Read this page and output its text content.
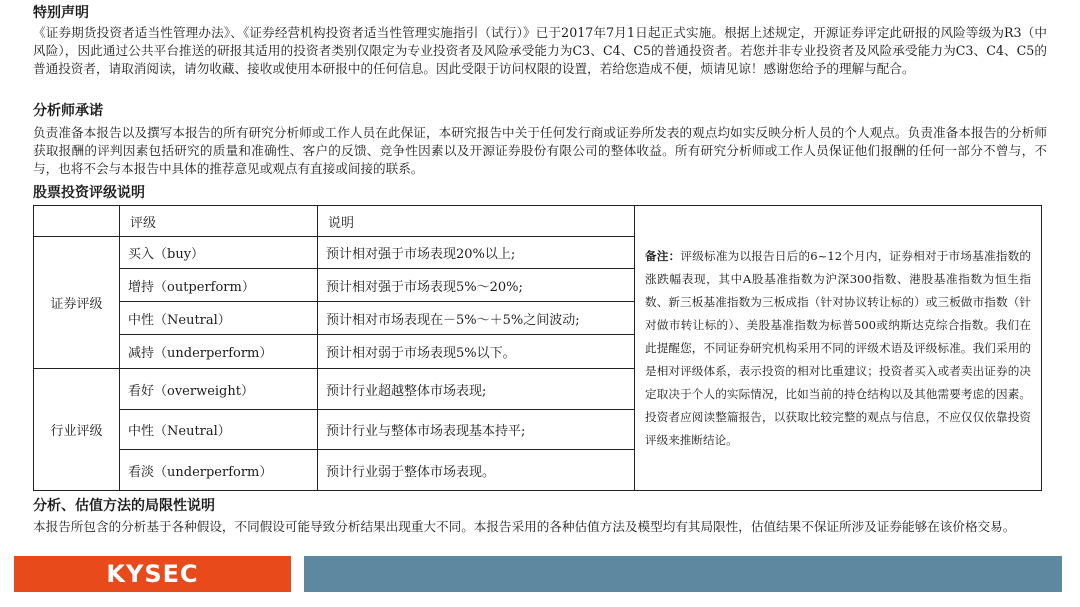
特别声明

《证券期货投资者适当性管理办法》、《证券经营机构投资者适当性管理实施指引（试行）》已于2017年7月1日起正式实施。根据上述规定，开源证券评定此研报的风险等级为R3（中风险），因此通过公共平台推送的研报其适用的投资者类别仅限定为专业投资者及风险承受能力为C3、C4、C5的普通投资者。若您并非专业投资者及风险承受能力为C3、C4、C5的普通投资者，请取消阅读，请勿收藏、接收或使用本研报中的任何信息。因此受限于访问权限的设置，若给您造成不便，烦请见谅！感谢您给予的理解与配合。

分析师承诺

负责准备本报告以及撰写本报告的所有研究分析师或工作人员在此保证，本研究报告中关于任何发行商或证券所发表的观点均如实反映分析人员的个人观点。负责准备本报告的分析师获取报酬的评判因素包括研究的质量和准确性、客户的反馈、竞争性因素以及开源证券股份有限公司的整体收益。所有研究分析师或工作人员保证他们报酬的任何一部分不曾与，不与，也将不会与本报告中具体的推荐意见或观点有直接或间接的联系。

股票投资评级说明
	评级	说明	备注：评级标准为以报告日后的6~12个月内，证券相对于市场基准指数的涨跌幅表现，其中A股基准指数为沪深300指数、港股基准指数为恒生指数、新三板基准指数为三板成指（针对协议转让标的）或三板做市指数（针对做市转让标的）、美股基准指数为标普500或纳斯达克综合指数。我们在此提醒您，不同证券研究机构采用不同的评级术语及评级标准。我们采用的是相对评级体系，表示投资的相对比重建议；投资者买入或者卖出证券的决定取决于个人的实际情况，比如当前的持仓结构以及其他需要考虑的因素。投资者应阅读整篇报告，以获取比较完整的观点与信息，不应仅仅依靠投资评级来推断结论。
证券评级	买入（buy）	预计相对强于市场表现20%以上;	
	增持（outperform）	预计相对强于市场表现5%～20%;	
	中性（Neutral）	预计相对市场表现在－5%～＋5%之间波动;	
	减持（underperform）	预计相对弱于市场表现5%以下。	
行业评级	看好（overweight）	预计行业超越整体市场表现;	
	中性（Neutral）	预计行业与整体市场表现基本持平;	
	看淡（underperform）	预计行业弱于整体市场表现。	
分析、估值方法的局限性说明

本报告所包含的分析基于各种假设，不同假设可能导致分析结果出现重大不同。本报告采用的各种估值方法及模型均有其局限性，估值结果不保证所涉及证券能够在该价格交易。

KYSEC
